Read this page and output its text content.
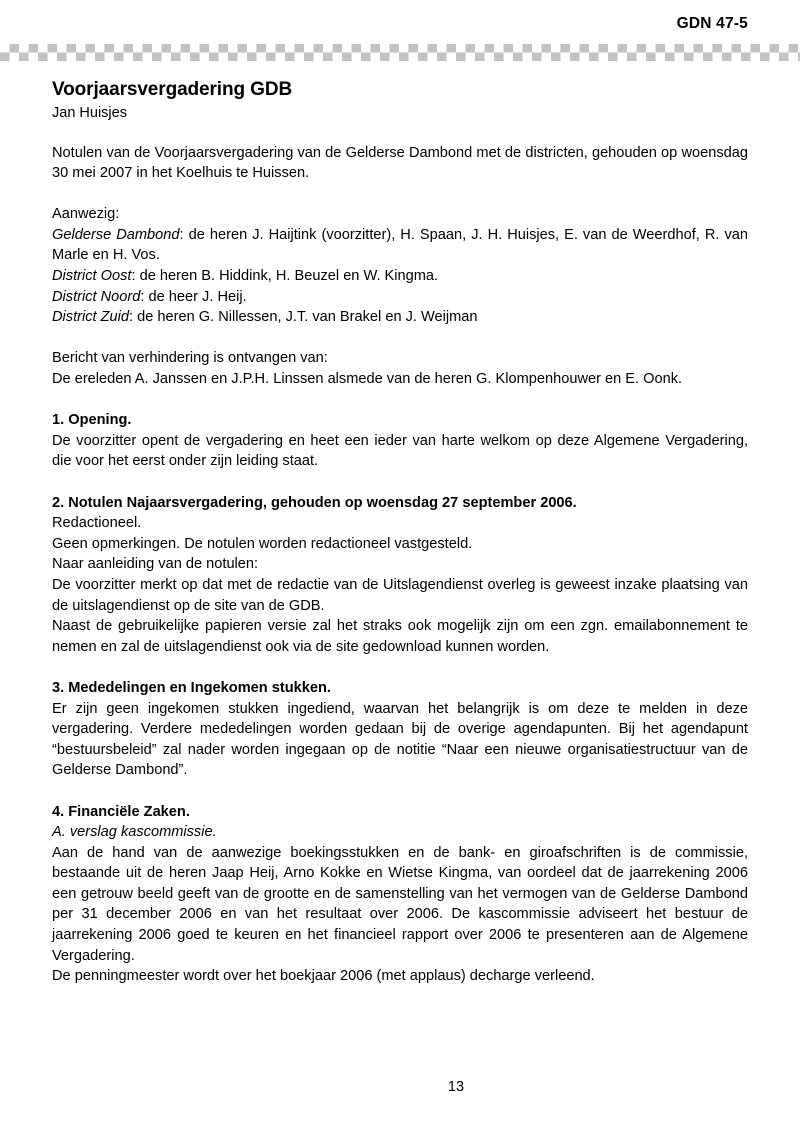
GDN 47-5
Voorjaarsvergadering GDB

Jan Huisjes

Notulen van de Voorjaarsvergadering van de Gelderse Dambond met de districten, gehouden op woensdag 30 mei 2007 in het Koelhuis te Huissen.

Aanwezig:

Gelderse Dambond: de heren J. Haijtink (voorzitter), H. Spaan, J. H. Huisjes, E. van de Weerdhof, R. van Marle en H. Vos.

District Oost: de heren B. Hiddink, H. Beuzel en W. Kingma.

District Noord: de heer J. Heij.

District Zuid: de heren G. Nillessen, J.T. van Brakel en J. Weijman

Bericht van verhindering is ontvangen van:

De ereleden A. Janssen en J.P.H. Linssen alsmede van de heren G. Klompenhouwer en E. Oonk.

1. Opening.

De voorzitter opent de vergadering en heet een ieder van harte welkom op deze Algemene Vergadering, die voor het eerst onder zijn leiding staat.

2. Notulen Najaarsvergadering, gehouden op woensdag 27 september 2006.

Redactioneel.

Geen opmerkingen. De notulen worden redactioneel vastgesteld.

Naar aanleiding van de notulen:

De voorzitter merkt op dat met de redactie van de Uitslagendienst overleg is geweest inzake plaatsing van de uitslagendienst op de site van de GDB.

Naast de gebruikelijke papieren versie zal het straks ook mogelijk zijn om een zgn. emailabonnement te nemen en zal de uitslagendienst ook via de site gedownload kunnen worden.

3. Mededelingen en Ingekomen stukken.

Er zijn geen ingekomen stukken ingediend, waarvan het belangrijk is om deze te melden in deze vergadering. Verdere mededelingen worden gedaan bij de overige agendapunten. Bij het agendapunt “bestuursbeleid” zal nader worden ingegaan op de notitie “Naar een nieuwe organisatiestructuur van de Gelderse Dambond”.

4. Financiële Zaken.

A. verslag kascommissie.

Aan de hand van de aanwezige boekingsstukken en de bank- en giroafschriften is de commissie, bestaande uit de heren Jaap Heij, Arno Kokke en Wietse Kingma, van oordeel dat de jaarrekening 2006 een getrouw beeld geeft van de grootte en de samenstelling van het vermogen van de Gelderse Dambond per 31 december 2006 en van het resultaat over 2006. De kascommissie adviseert het bestuur de jaarrekening 2006 goed te keuren en het financieel rapport over 2006 te presenteren aan de Algemene Vergadering.

De penningmeester wordt over het boekjaar 2006 (met applaus) decharge verleend.

13
